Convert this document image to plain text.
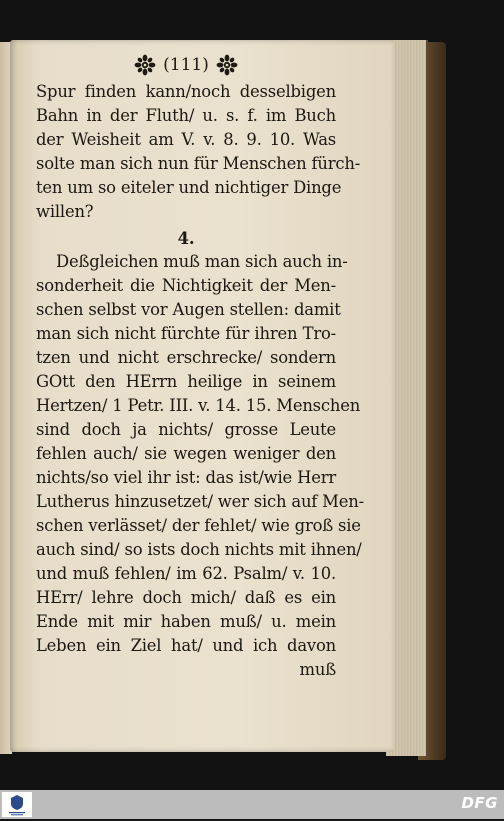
(111)
Spur finden kann/noch desselbigen
Bahn in der Fluth/ u. s. f. im Buch
der Weisheit am V. v. 8. 9. 10. Was
solte man sich nun für Menschen fürch-
ten um so eiteler und nichtiger Dinge
willen?
4.
Deßgleichen muß man sich auch in-
sonderheit die Nichtigkeit der Men-
schen selbst vor Augen stellen: damit
man sich nicht fürchte für ihren Tro-
tzen und nicht erschrecke/ sondern
GOtt den HErrn heilige in seinem
Hertzen/ 1 Petr. III. v. 14. 15. Menschen
sind doch ja nichts/ grosse Leute
fehlen auch/ sie wegen weniger den
nichts/so viel ihr ist: das ist/wie Herr
Lutherus hinzusetzet/ wer sich auf Men-
schen verlässet/ der fehlet/ wie groß sie
auch sind/ so ists doch nichts mit ihnen/
und muß fehlen/ im 62. Psalm/ v. 10.
HErr/ lehre doch mich/ daß es ein
Ende mit mir haben muß/ u. mein
Leben ein Ziel hat/ und ich davon
muß
DFG
